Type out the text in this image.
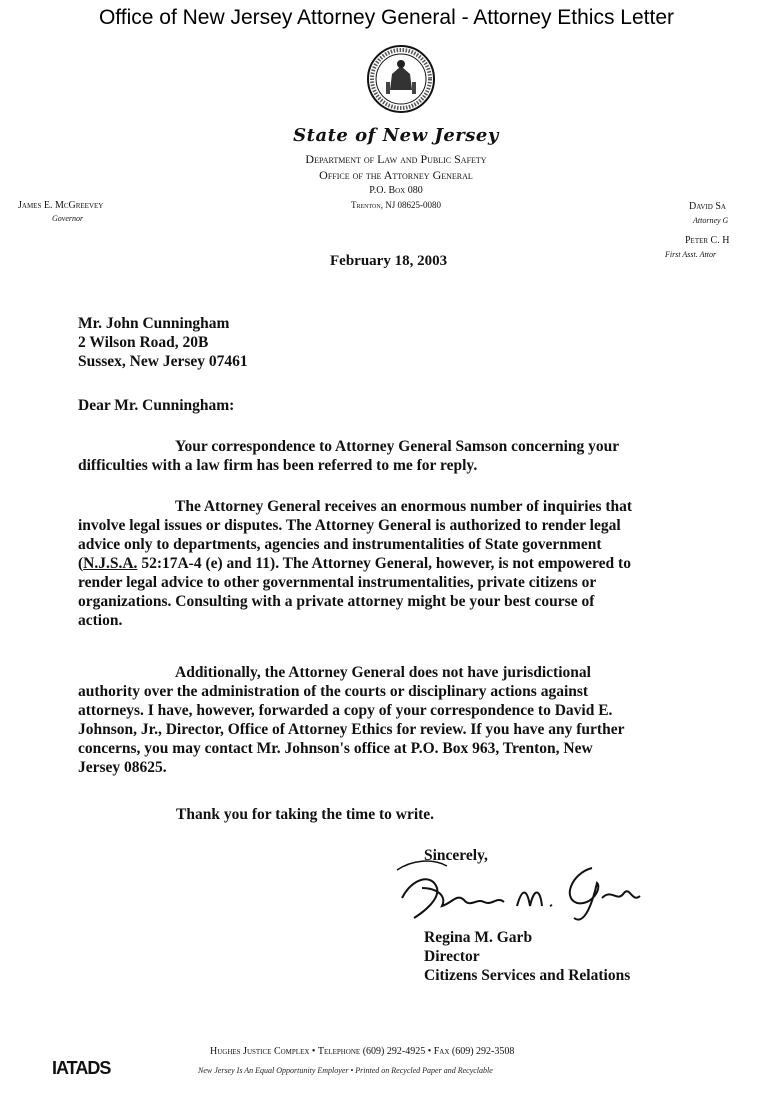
Office of New Jersey Attorney General - Attorney Ethics Letter
State of New Jersey
Department of Law and Public Safety
Office of the Attorney General
P.O. Box 080
Trenton, NJ 08625-0080
James E. McGreevey
Governor
David Sa
Attorney G
Peter C. H
First Asst. Attor
February 18, 2003
Mr. John Cunningham
2 Wilson Road, 20B
Sussex, New Jersey 07461
Dear Mr. Cunningham:
Your correspondence to Attorney General Samson concerning your
difficulties with a law firm has been referred to me for reply.
The Attorney General receives an enormous number of inquiries that
involve legal issues or disputes. The Attorney General is authorized to render legal
advice only to departments, agencies and instrumentalities of State government
(N.J.S.A. 52:17A-4 (e) and 11). The Attorney General, however, is not empowered to
render legal advice to other governmental instrumentalities, private citizens or
organizations. Consulting with a private attorney might be your best course of
action.
Additionally, the Attorney General does not have jurisdictional
authority over the administration of the courts or disciplinary actions against
attorneys. I have, however, forwarded a copy of your correspondence to David E.
Johnson, Jr., Director, Office of Attorney Ethics for review. If you have any further
concerns, you may contact Mr. Johnson's office at P.O. Box 963, Trenton, New
Jersey 08625.
Thank you for taking the time to write.
Sincerely,
Regina M. Garb
Director
Citizens Services and Relations
IATADS
Hughes Justice Complex • Telephone (609) 292-4925 • Fax (609) 292-3508
New Jersey Is An Equal Opportunity Employer • Printed on Recycled Paper and Recyclable
